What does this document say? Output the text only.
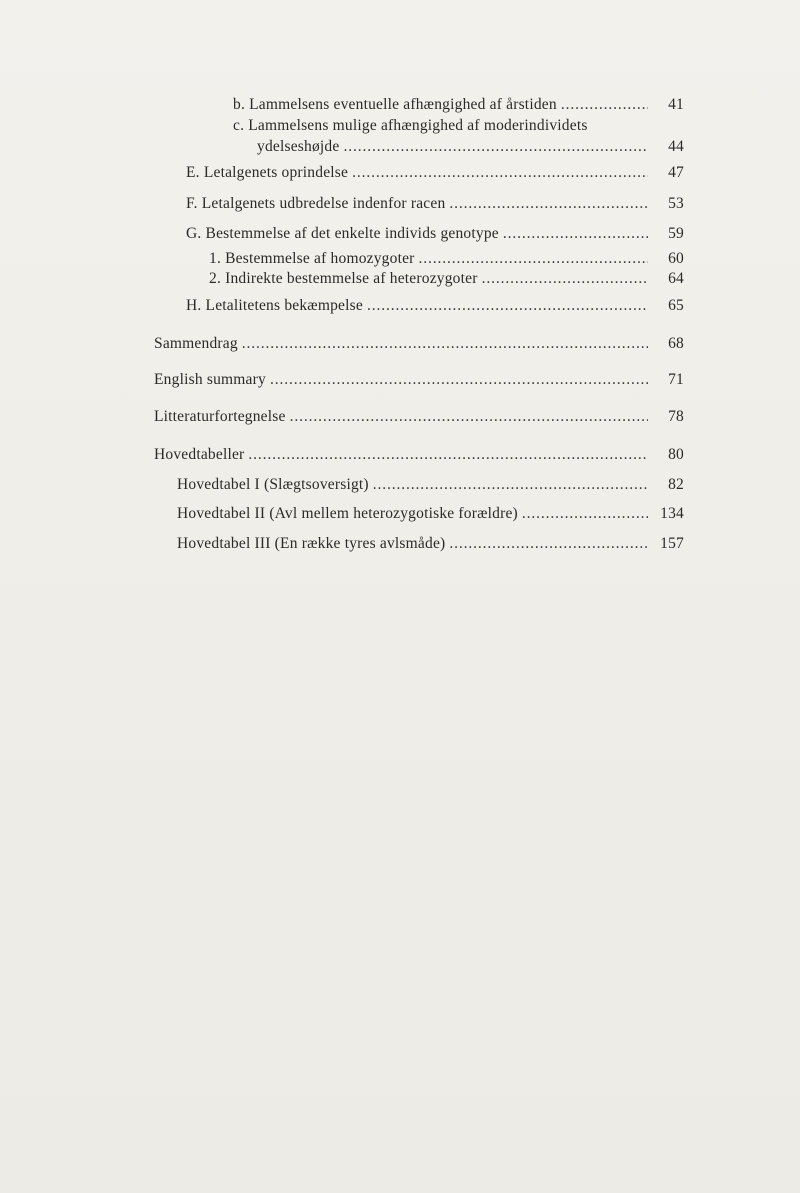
b. Lammelsens eventuelle afhængighed af årstiden . . .	41
c. Lammelsens mulige afhængighed af moderindividets
ydelseshøjde . . .	44
E. Letalgenets oprindelse . . .	47
F. Letalgenets udbredelse indenfor racen . . .	53
G. Bestemmelse af det enkelte individs genotype . . .	59
1. Bestemmelse af homozygoter . . .	60
2. Indirekte bestemmelse af heterozygoter . . .	64
H. Letalitetens bekæmpelse . . .	65
Sammendrag . . .	68
English summary . . .	71
Litteraturfortegnelse . . .	78
Hovedtabeller . . .	80
Hovedtabel I (Slægtsoversigt) . . .	82
Hovedtabel II (Avl mellem heterozygotiske forældre) . . .	134
Hovedtabel III (En række tyres avlsmåde) . . .	157
